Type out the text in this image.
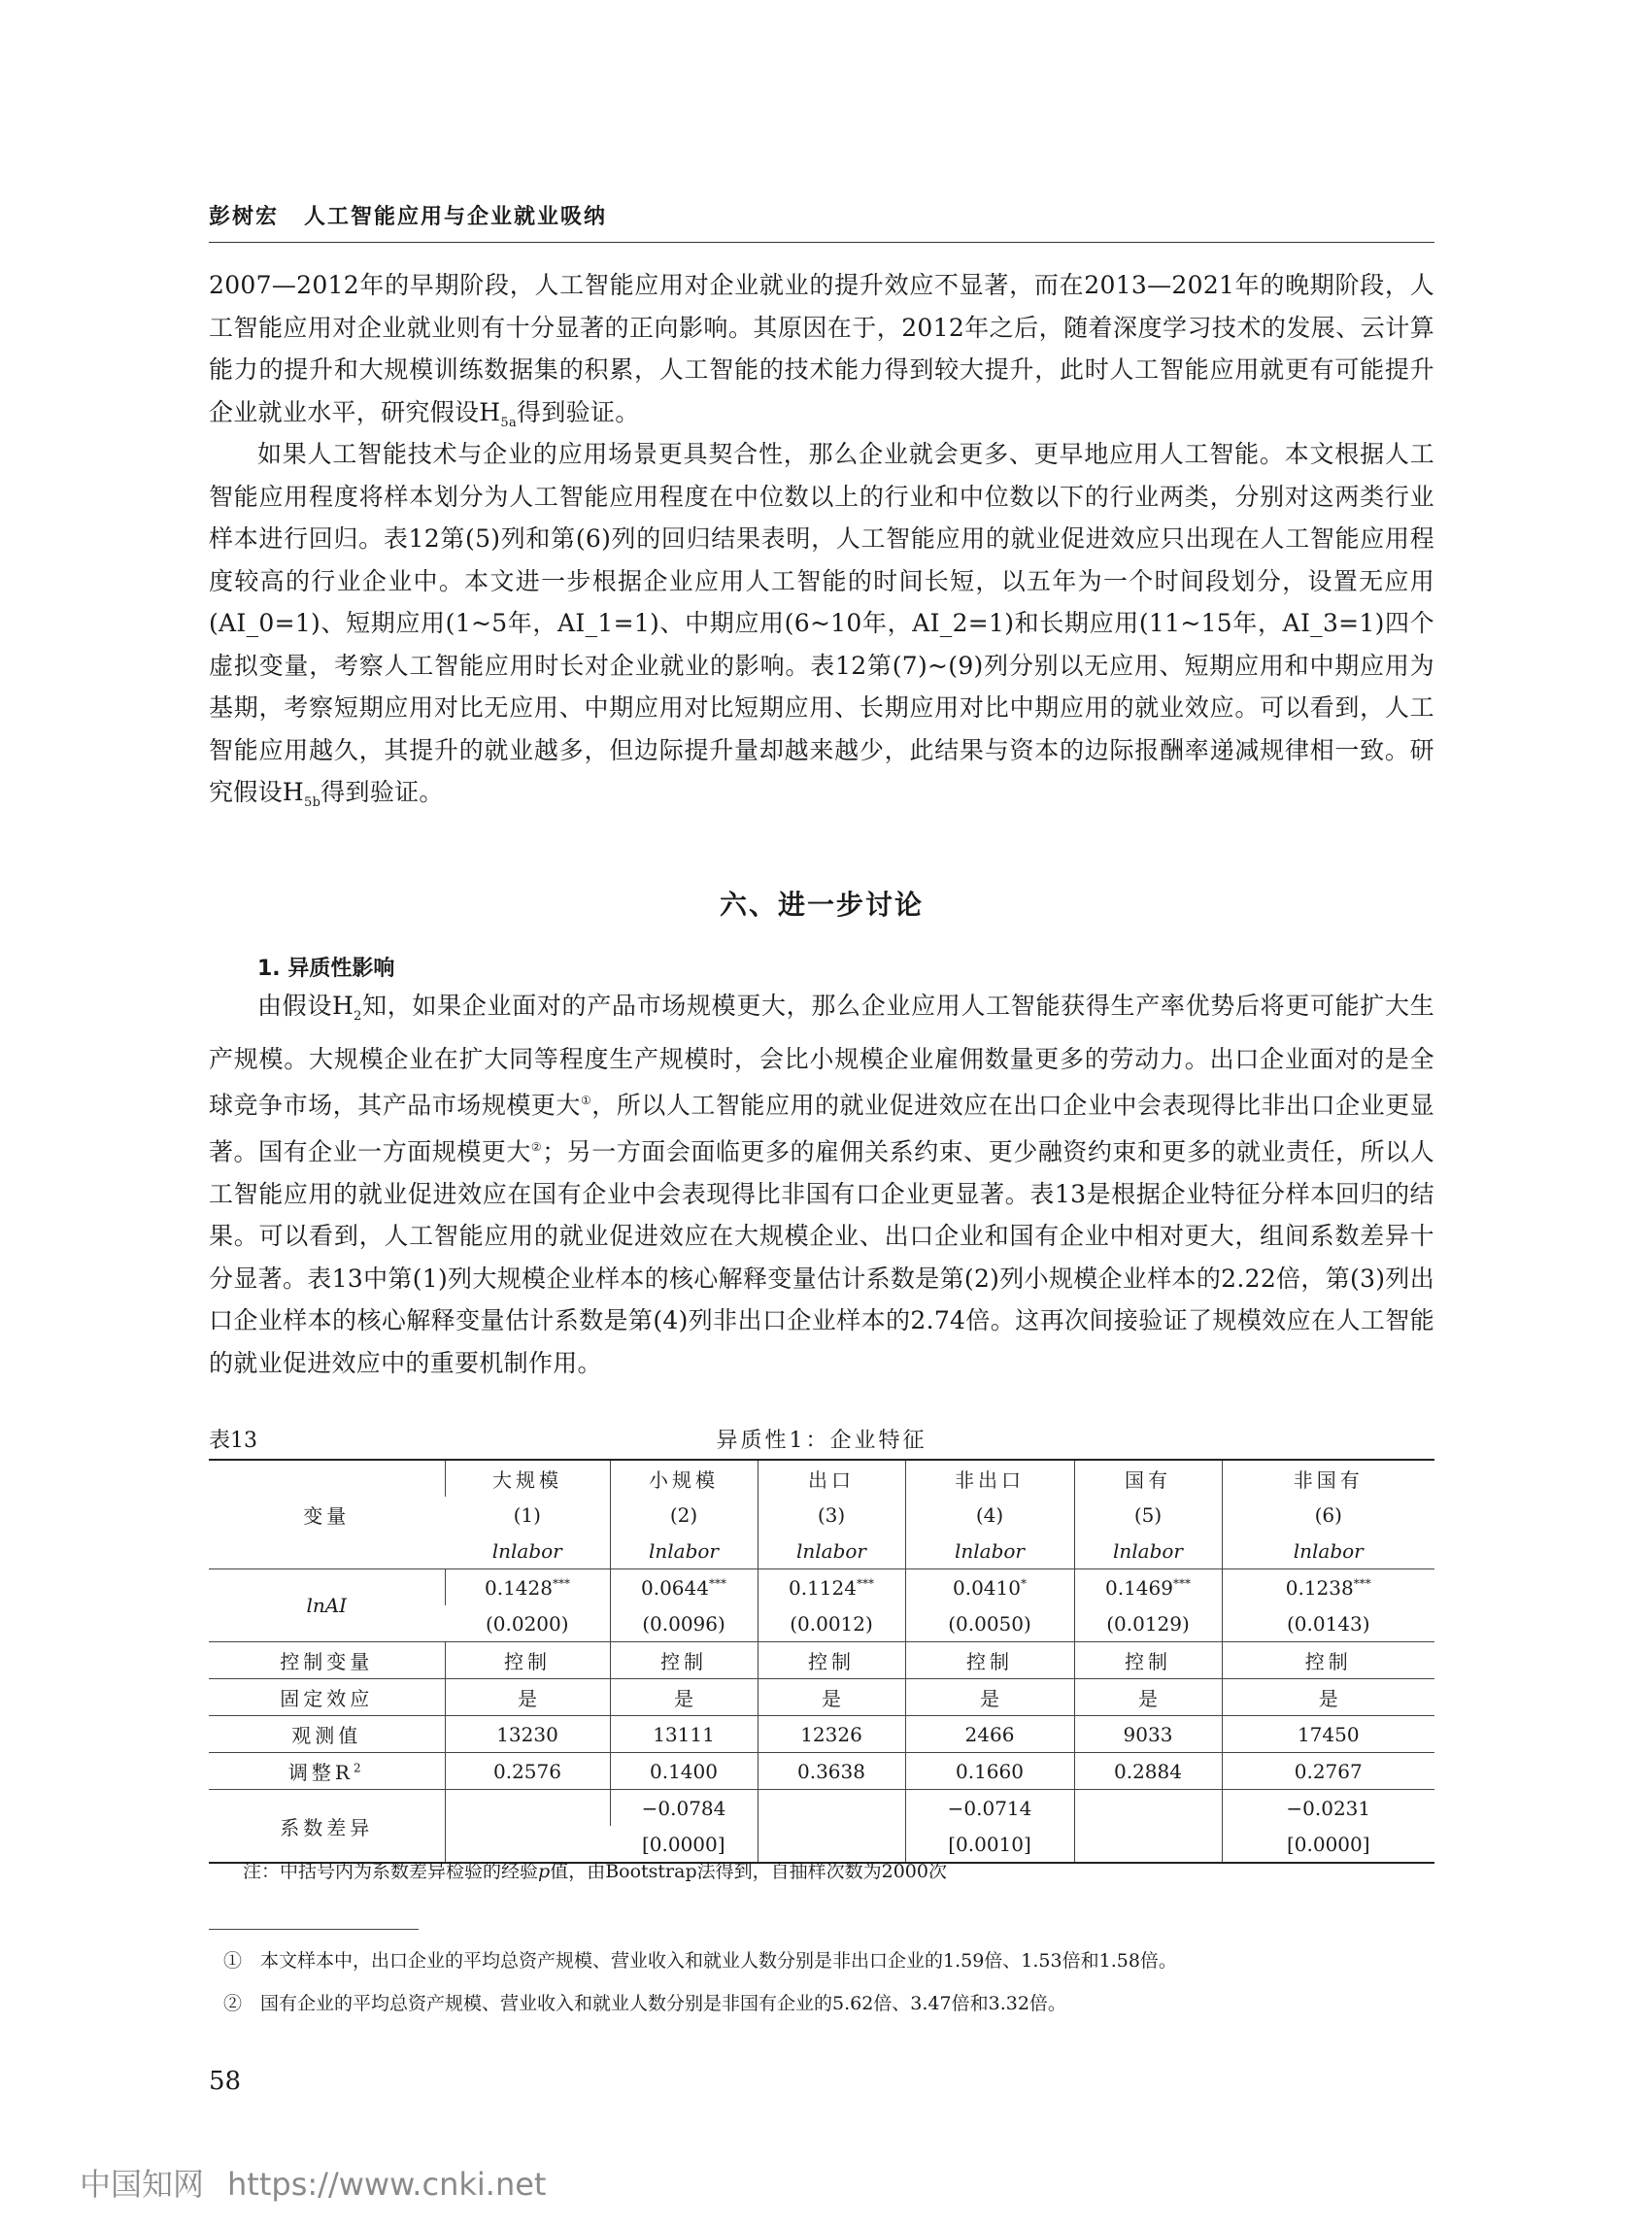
彭树宏 人工智能应用与企业就业吸纳

2007—2012年的早期阶段，人工智能应用对企业就业的提升效应不显著，而在2013—2021年的晚期阶段，人工智能应用对企业就业则有十分显著的正向影响。其原因在于，2012年之后，随着深度学习技术的发展、云计算能力的提升和大规模训练数据集的积累，人工智能的技术能力得到较大提升，此时人工智能应用就更有可能提升企业就业水平，研究假设$H_{5a}$得到验证。

如果人工智能技术与企业的应用场景更具契合性，那么企业就会更多、更早地应用人工智能。本文根据人工智能应用程度将样本划分为人工智能应用程度在中位数以上的行业和中位数以下的行业两类，分别对这两类行业样本进行回归。表12第(5)列和第(6)列的回归结果表明，人工智能应用的就业促进效应只出现在人工智能应用程度较高的行业企业中。本文进一步根据企业应用人工智能的时间长短，以五年为一个时间段划分，设置无应用(AI_0=1)、短期应用(1~5年，AI_1=1)、中期应用(6~10年，AI_2=1)和长期应用(11~15年，AI_3=1)四个虚拟变量，考察人工智能应用时长对企业就业的影响。表12第(7)~(9)列分别以无应用、短期应用和中期应用为基期，考察短期应用对比无应用、中期应用对比短期应用、长期应用对比中期应用的就业效应。可以看到，人工智能应用越久，其提升的就业越多，但边际提升量却越来越少，此结果与资本的边际报酬率递减规律相一致。研究假设$H_{5b}$得到验证。

六、进一步讨论
1. 异质性影响

由假设$H_2$知，如果企业面对的产品市场规模更大，那么企业应用人工智能获得生产率优势后将更可能扩大生产规模。大规模企业在扩大同等程度生产规模时，会比小规模企业雇佣数量更多的劳动力。出口企业面对的是全球竞争市场，其产品市场规模更大①，所以人工智能应用的就业促进效应在出口企业中会表现得比非出口企业更显著。国有企业一方面规模更大②；另一方面会面临更多的雇佣关系约束、更少融资约束和更多的就业责任，所以人工智能应用的就业促进效应在国有企业中会表现得比非国有口企业更显著。表13是根据企业特征分样本回归的结果。可以看到，人工智能应用的就业促进效应在大规模企业、出口企业和国有企业中相对更大，组间系数差异十分显著。表13中第(1)列大规模企业样本的核心解释变量估计系数是第(2)列小规模企业样本的2.22倍，第(3)列出口企业样本的核心解释变量估计系数是第(4)列非出口企业样本的2.74倍。这再次间接验证了规模效应在人工智能的就业促进效应中的重要机制作用。

表13	异质性1：企业特征
变量	大规模	小规模	出口	非出口	国有	非国有
	(1)	(2)	(3)	(4)	(5)	(6)
	lnlabor	lnlabor	lnlabor	lnlabor	lnlabor	lnlabor
lnAI	0.1428***	0.0644***	0.1124***	0.0410*	0.1469***	0.1238***
	(0.0200)	(0.0096)	(0.0012)	(0.0050)	(0.0129)	(0.0143)
控制变量	控制	控制	控制	控制	控制	控制
固定效应	是	是	是	是	是	是
观测值	13230	13111	12326	2466	9033	17450
调整$R^2$	0.2576	0.1400	0.3638	0.1660	0.2884	0.2767
系数差异		−0.0784		−0.0714		−0.0231
		[0.0000]		[0.0010]		[0.0000]
注：中括号内为系数差异检验的经验p值，由Bootstrap法得到，自抽样次数为2000次
①　本文样本中，出口企业的平均总资产规模、营业收入和就业人数分别是非出口企业的1.59倍、1.53倍和1.58倍。
②　国有企业的平均总资产规模、营业收入和就业人数分别是非国有企业的5.62倍、3.47倍和3.32倍。
58
中国知网 https://www.cnki.net
